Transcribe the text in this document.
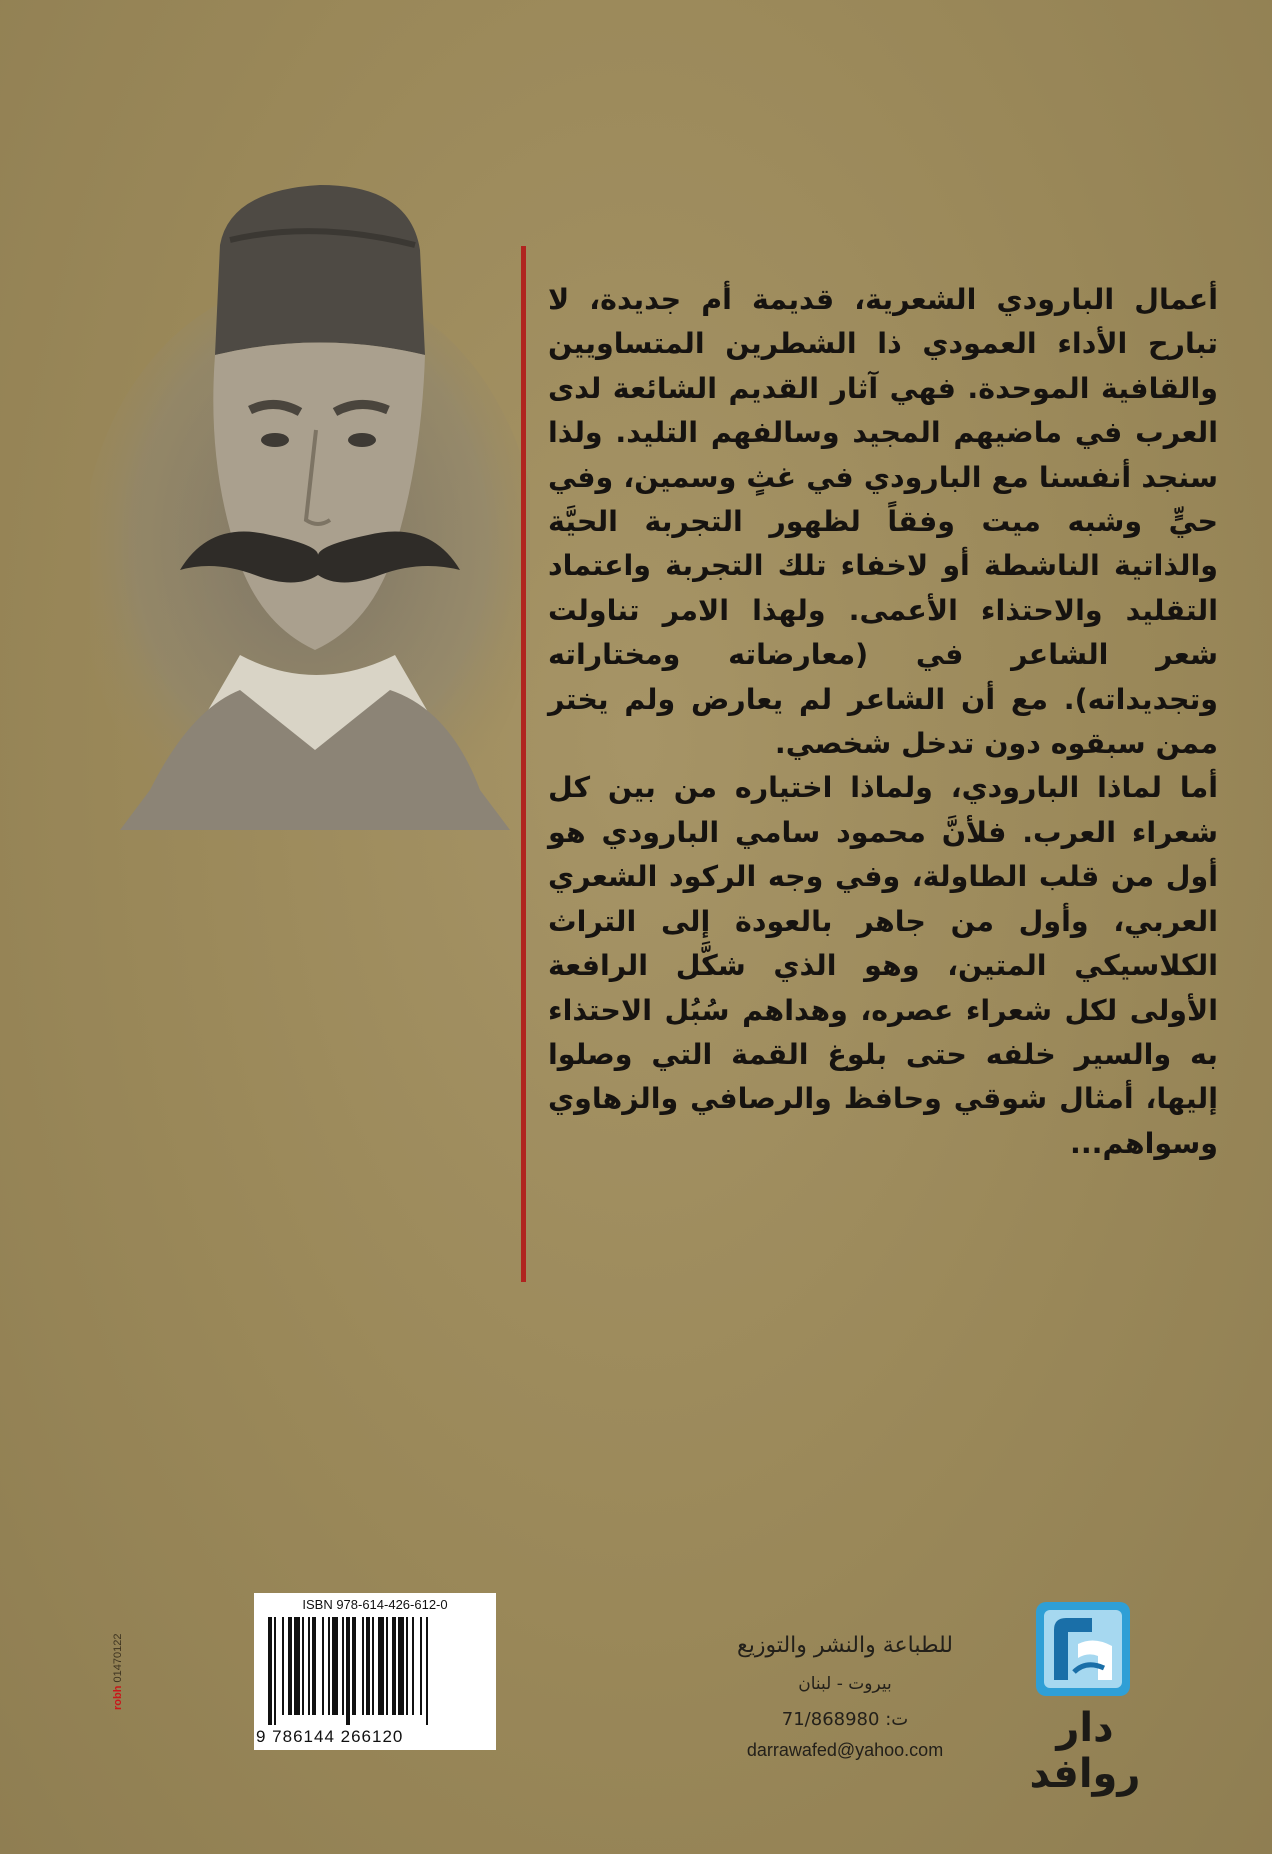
أعمال البارودي الشعرية، قديمة أم جديدة، لا تبارح الأداء العمودي ذا الشطرين المتساويين والقافية الموحدة. فهي آثار القديم الشائعة لدى العرب في ماضيهم المجيد وسالفهم التليد. ولذا سنجد أنفسنا مع البارودي في غثٍ وسمين، وفي حيٍّ وشبه ميت وفقاً لظهور التجربة الحيَّة والذاتية الناشطة أو لاخفاء تلك التجربة واعتماد التقليد والاحتذاء الأعمى. ولهذا الامر تناولت شعر الشاعر في (معارضاته ومختاراته وتجديداته). مع أن الشاعر لم يعارض ولم يختر ممن سبقوه دون تدخل شخصي.

أما لماذا البارودي، ولماذا اختياره من بين كل شعراء العرب. فلأنَّ محمود سامي البارودي هو أول من قلب الطاولة، وفي وجه الركود الشعري العربي، وأول من جاهر بالعودة إلى التراث الكلاسيكي المتين، وهو الذي شكَّل الرافعة الأولى لكل شعراء عصره، وهداهم سُبُل الاحتذاء به والسير خلفه حتى بلوغ القمة التي وصلوا إليها، أمثال شوقي وحافظ والرصافي والزهاوي وسواهم...

ISBN 978-614-426-612-0
9 786144 266120
robh 01470122	للطباعة والنشر والتوزيع
بيروت - لبنان
ت: 71/868980
darrawafed@yahoo.com	دار روافد
